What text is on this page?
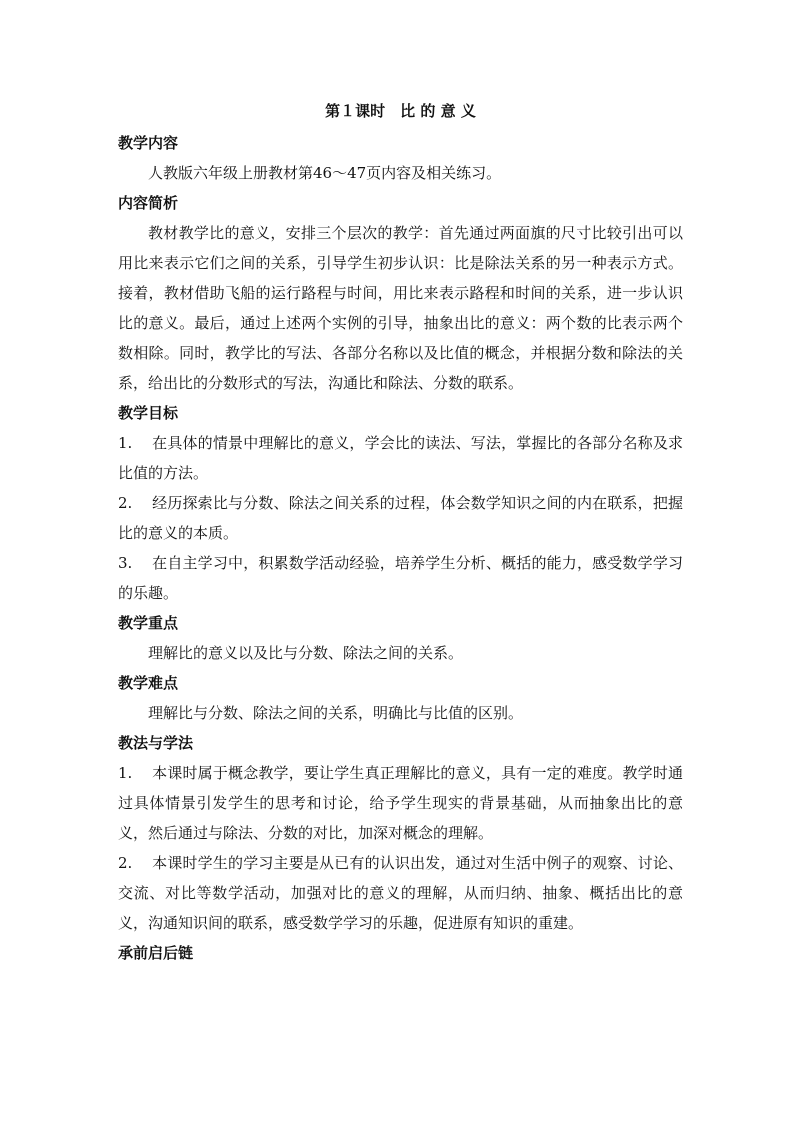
第１课时　比 的 意 义

教学内容

人教版六年级上册教材第46～47页内容及相关练习。

内容简析

教材教学比的意义，安排三个层次的教学：首先通过两面旗的尺寸比较引出可以用比来表示它们之间的关系，引导学生初步认识：比是除法关系的另一种表示方式。接着，教材借助飞船的运行路程与时间，用比来表示路程和时间的关系，进一步认识比的意义。最后，通过上述两个实例的引导，抽象出比的意义：两个数的比表示两个数相除。同时，教学比的写法、各部分名称以及比值的概念，并根据分数和除法的关系，给出比的分数形式的写法，沟通比和除法、分数的联系。

教学目标

1. 在具体的情景中理解比的意义，学会比的读法、写法，掌握比的各部分名称及求比值的方法。

2. 经历探索比与分数、除法之间关系的过程，体会数学知识之间的内在联系，把握比的意义的本质。

3. 在自主学习中，积累数学活动经验，培养学生分析、概括的能力，感受数学学习的乐趣。

教学重点

理解比的意义以及比与分数、除法之间的关系。

教学难点

理解比与分数、除法之间的关系，明确比与比值的区别。

教法与学法

1. 本课时属于概念教学，要让学生真正理解比的意义，具有一定的难度。教学时通过具体情景引发学生的思考和讨论，给予学生现实的背景基础，从而抽象出比的意义，然后通过与除法、分数的对比，加深对概念的理解。

2. 本课时学生的学习主要是从已有的认识出发，通过对生活中例子的观察、讨论、交流、对比等数学活动，加强对比的意义的理解，从而归纳、抽象、概括出比的意义，沟通知识间的联系，感受数学学习的乐趣，促进原有知识的重建。

承前启后链
